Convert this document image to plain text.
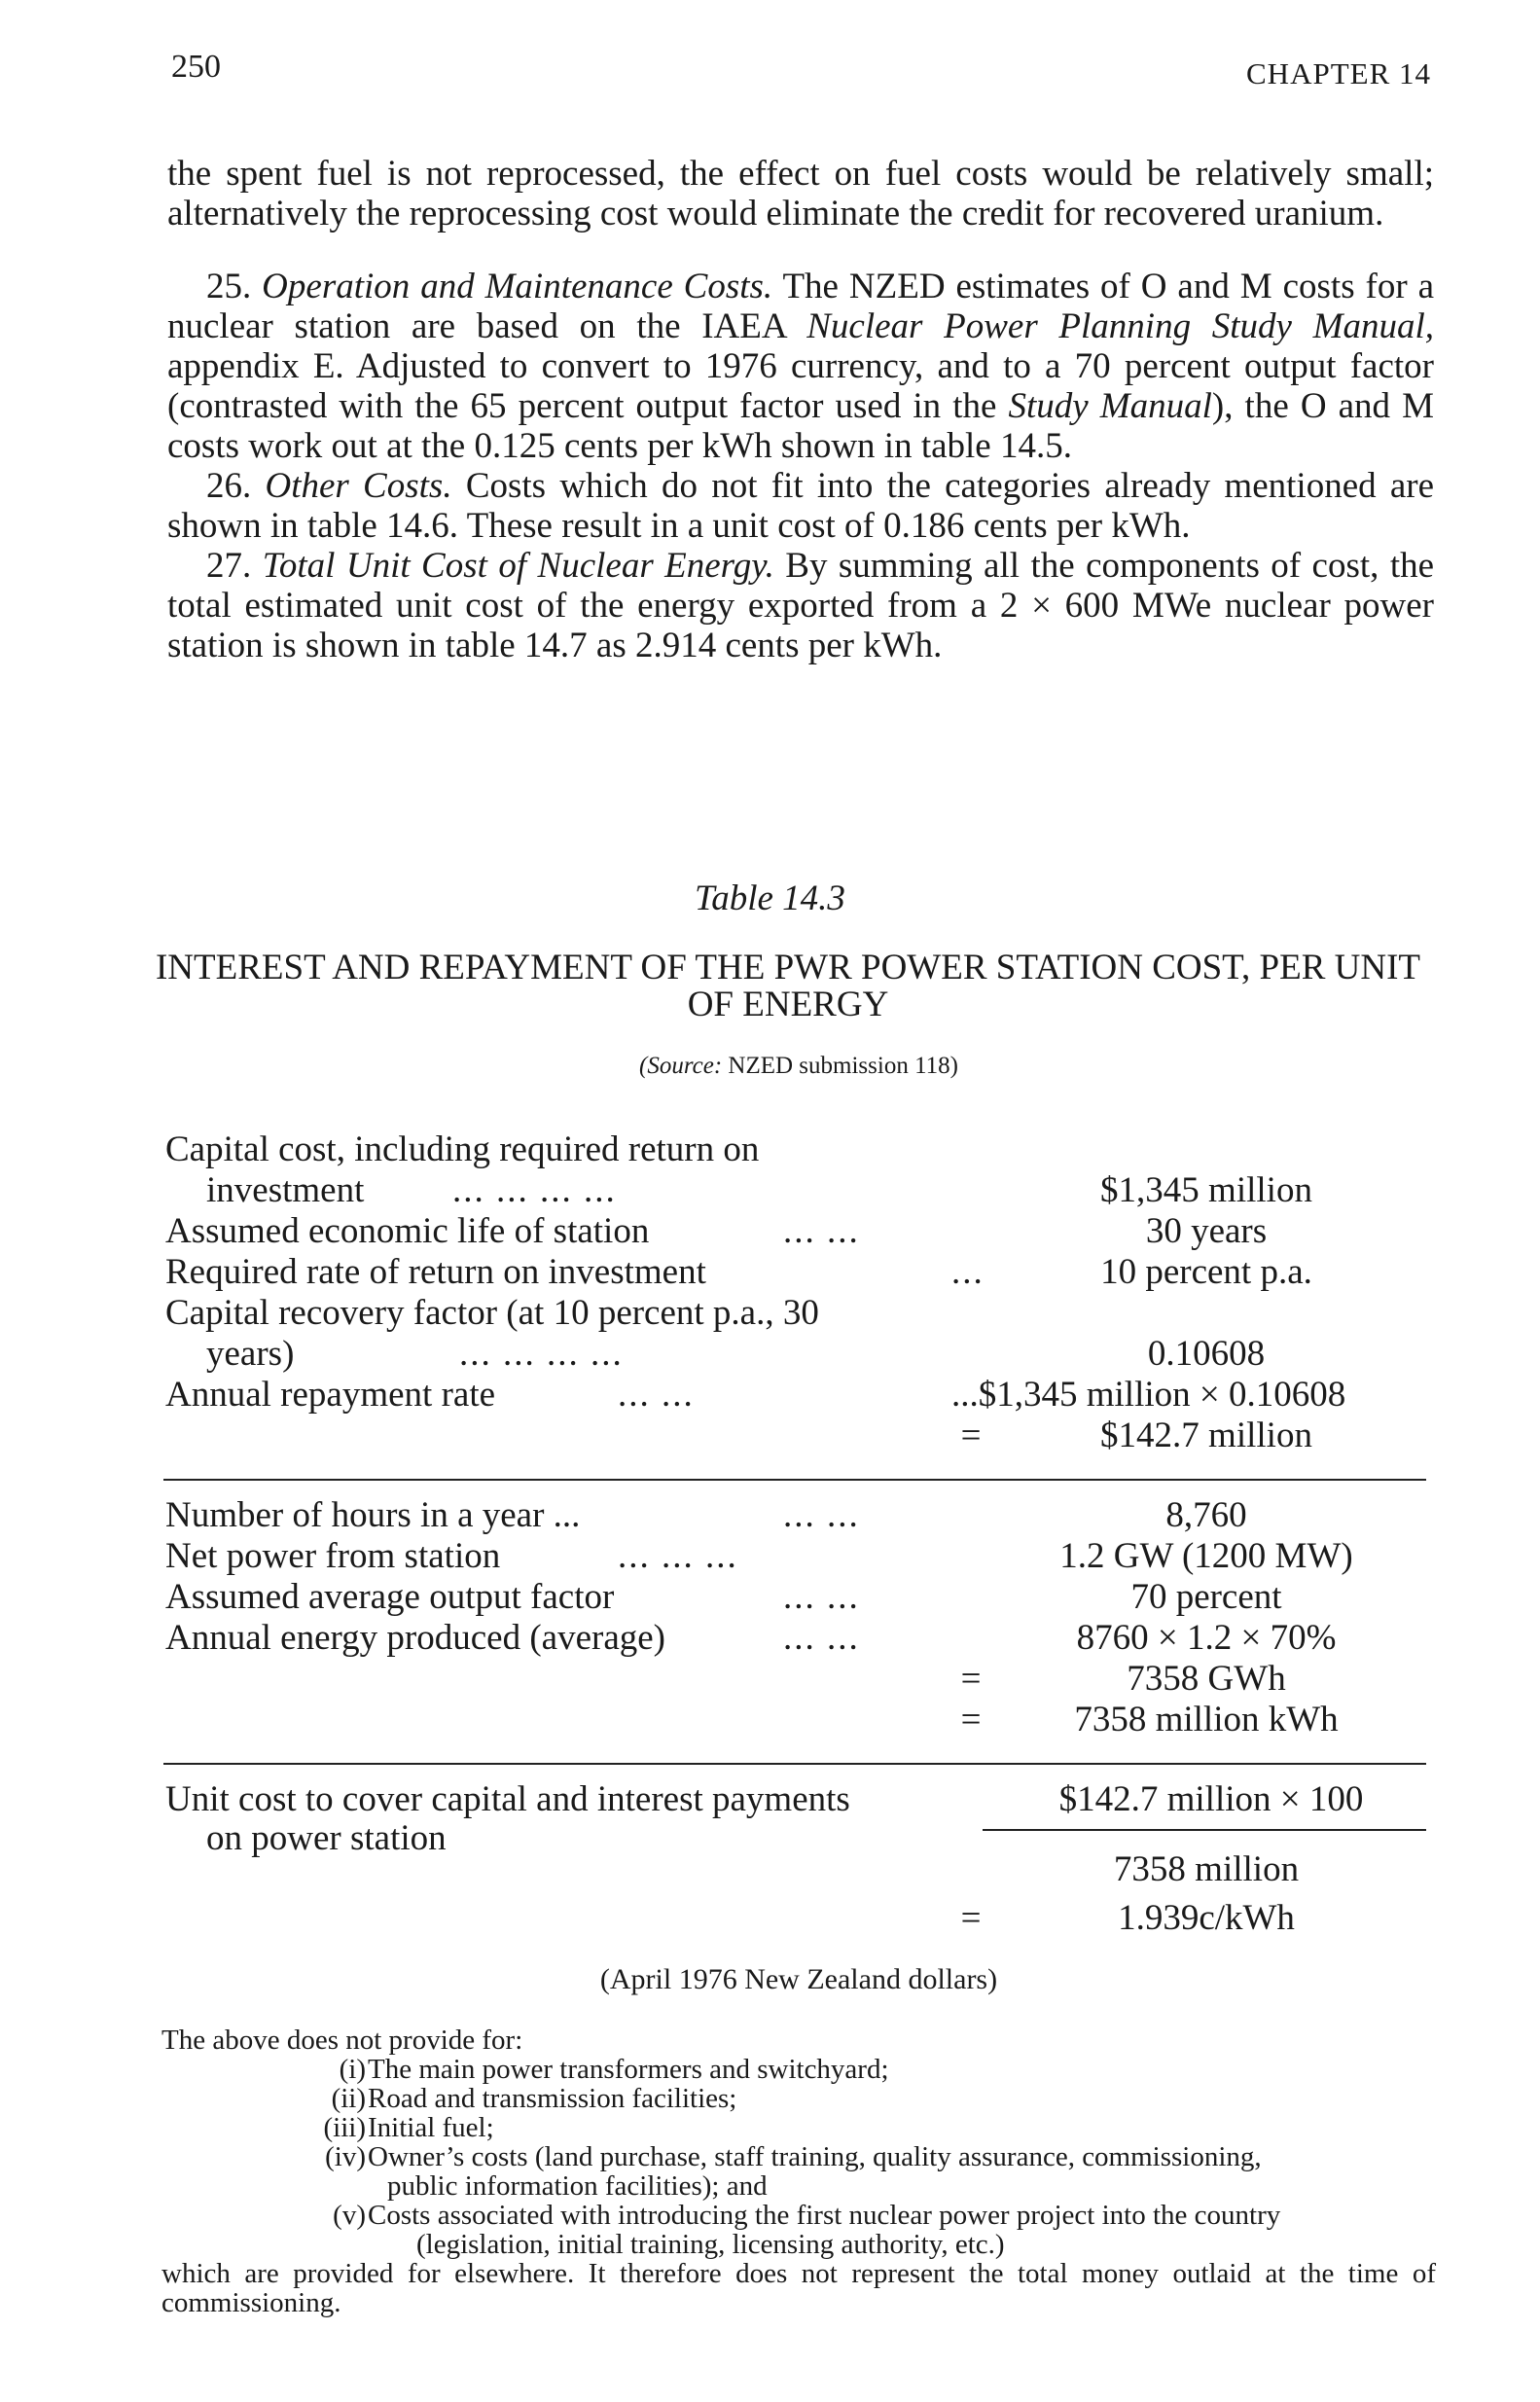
250	CHAPTER 14

the spent fuel is not reprocessed, the effect on fuel costs would be relatively small; alternatively the reprocessing cost would eliminate the credit for recovered uranium.

25. Operation and Maintenance Costs. The NZED estimates of O and M costs for a nuclear station are based on the IAEA Nuclear Power Planning Study Manual, appendix E. Adjusted to convert to 1976 currency, and to a 70 percent output factor (contrasted with the 65 percent output factor used in the Study Manual), the O and M costs work out at the 0.125 cents per kWh shown in table 14.5.

26. Other Costs. Costs which do not fit into the categories already mentioned are shown in table 14.6. These result in a unit cost of 0.186 cents per kWh.

27. Total Unit Cost of Nuclear Energy. By summing all the components of cost, the total estimated unit cost of the energy exported from a 2 × 600 MWe nuclear power station is shown in table 14.7 as 2.914 cents per kWh.

Table 14.3
INTEREST AND REPAYMENT OF THE PWR POWER STATION COST, PER UNIT OF ENERGY
(Source: NZED submission 118)
Capital cost, including required return on
investment ... ... ... ...	$1,345 million
Assumed economic life of station	... ...	30 years
Required rate of return on investment	...	10 percent p.a.
Capital recovery factor (at 10 percent p.a., 30
years)	... ... ... ...	0.10608
Annual repayment rate	... ...	...$1,345 million × 0.10608
=	$142.7 million
Number of hours in a year ...	... ...	8,760
Net power from station	... ... ...	1.2 GW (1200 MW)
Assumed average output factor	... ...	70 percent
Annual energy produced (average)	... ...	8760 × 1.2 × 70%
=	7358 GWh
=	7358 million kWh
Unit cost to cover capital and interest payments	$142.7 million × 100
on power station
7358 million
=	1.939c/kWh
(April 1976 New Zealand dollars)
The above does not provide for:
(i) The main power transformers and switchyard;
(ii) Road and transmission facilities;
(iii) Initial fuel;
(iv) Owner’s costs (land purchase, staff training, quality assurance, commissioning,
public information facilities); and
(v) Costs associated with introducing the first nuclear power project into the country
(legislation, initial training, licensing authority, etc.)
which are provided for elsewhere. It therefore does not represent the total money outlaid at the time of commissioning.
